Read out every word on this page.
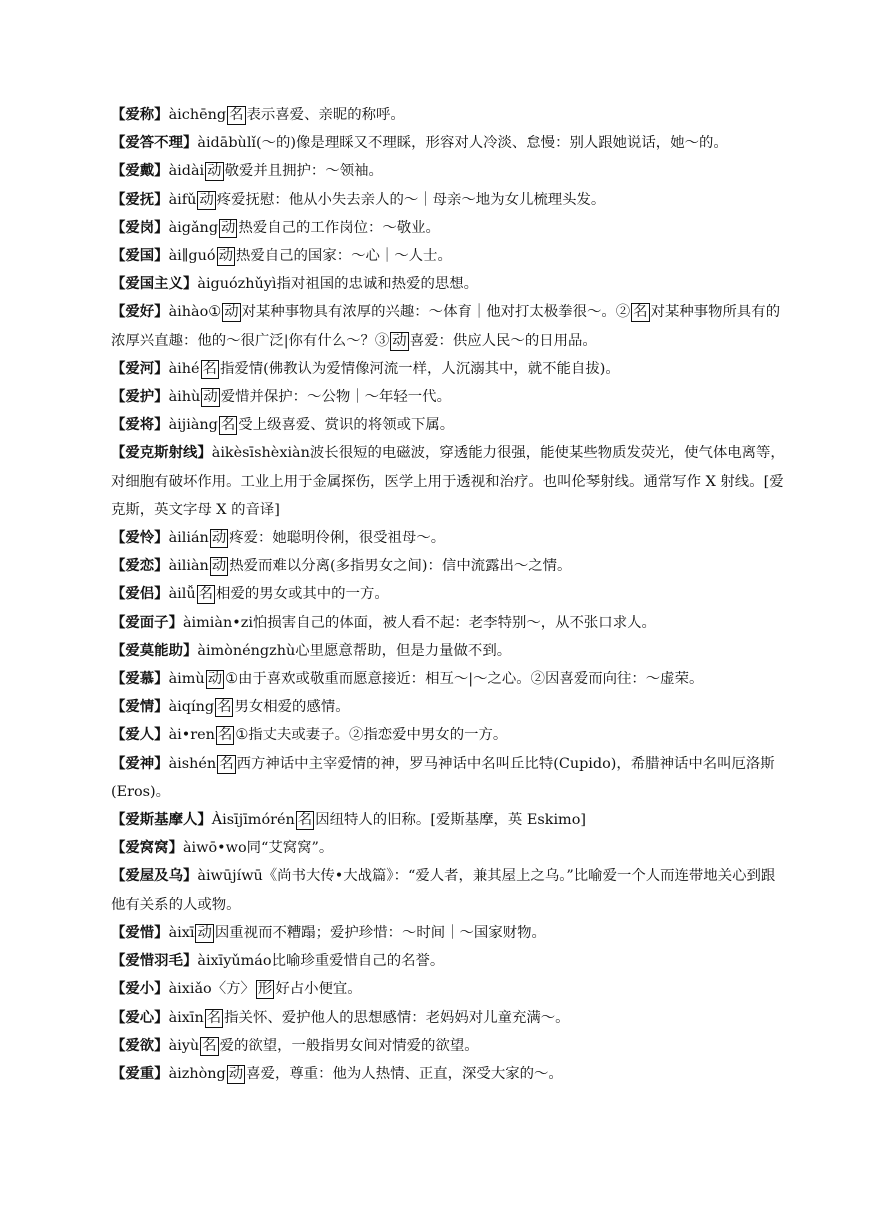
【爱称】àichēng 名 表示喜爱、亲昵的称呼。

【爱答不理】àidābùlǐ(～的)像是理睬又不理睬，形容对人冷淡、怠慢：别人跟她说话，她～的。

【爱戴】àidài 动 敬爱并且拥护：～领袖。

【爱抚】àifǔ 动 疼爱抚慰：他从小失去亲人的～｜母亲～地为女儿梳理头发。

【爱岗】àigǎng 动 热爱自己的工作岗位：～敬业。

【爱国】ài∥guó 动 热爱自己的国家：～心｜～人士。

【爱国主义】àiguózhǔyì指对祖国的忠诚和热爱的思想。

【爱好】àihào① 动 对某种事物具有浓厚的兴趣：～体育｜他对打太极拳很～。② 名 对某种事物所具有的浓厚兴直趣：他的～很广泛|你有什么～？③ 动 喜爱：供应人民～的日用品。

【爱河】àihé 名 指爱情(佛教认为爱情像河流一样，人沉溺其中，就不能自拔)。

【爱护】àihù 动 爱惜并保护：～公物｜～年轻一代。

【爱将】àijiàng 名 受上级喜爱、赏识的将领或下属。

【爱克斯射线】àikèsīshèxiàn波长很短的电磁波，穿透能力很强，能使某些物质发荧光，使气体电离等，对细胞有破坏作用。工业上用于金属探伤，医学上用于透视和治疗。也叫伦琴射线。通常写作 X 射线。[爱克斯，英文字母 X 的音译]

【爱怜】àilián 动 疼爱：她聪明伶俐，很受祖母～。

【爱恋】àiliàn 动 热爱而难以分离(多指男女之间)：信中流露出～之情。

【爱侣】àilǚ 名 相爱的男女或其中的一方。

【爱面子】àimiàn•zi怕损害自己的体面，被人看不起：老李特别～，从不张口求人。

【爱莫能助】àimònéngzhù心里愿意帮助，但是力量做不到。

【爱慕】àimù 动 ①由于喜欢或敬重而愿意接近：相互～|～之心。②因喜爱而向往：～虚荣。

【爱情】àiqíng 名 男女相爱的感情。

【爱人】ài•ren 名 ①指丈夫或妻子。②指恋爱中男女的一方。

【爱神】àishén 名 西方神话中主宰爱情的神，罗马神话中名叫丘比特(Cupido)，希腊神话中名叫厄洛斯(Eros)。

【爱斯基摩人】Àisījīmórén 名 因纽特人的旧称。[爱斯基摩，英 Eskimo]

【爱窝窝】àiwō•wo同“艾窝窝”。

【爱屋及乌】àiwūjíwū《尚书大传•大战篇》：“爱人者，兼其屋上之乌。”比喻爱一个人而连带地关心到跟他有关系的人或物。

【爱惜】àixī 动 因重视而不糟蹋；爱护珍惜：～时间｜～国家财物。

【爱惜羽毛】àixīyǔmáo比喻珍重爱惜自己的名誉。

【爱小】àixiǎo〈方〉 形 好占小便宜。

【爱心】àixīn 名 指关怀、爱护他人的思想感情：老妈妈对儿童充满～。

【爱欲】àiyù 名 爱的欲望，一般指男女间对情爱的欲望。

【爱重】àizhòng 动 喜爱，尊重：他为人热情、正直，深受大家的～。
